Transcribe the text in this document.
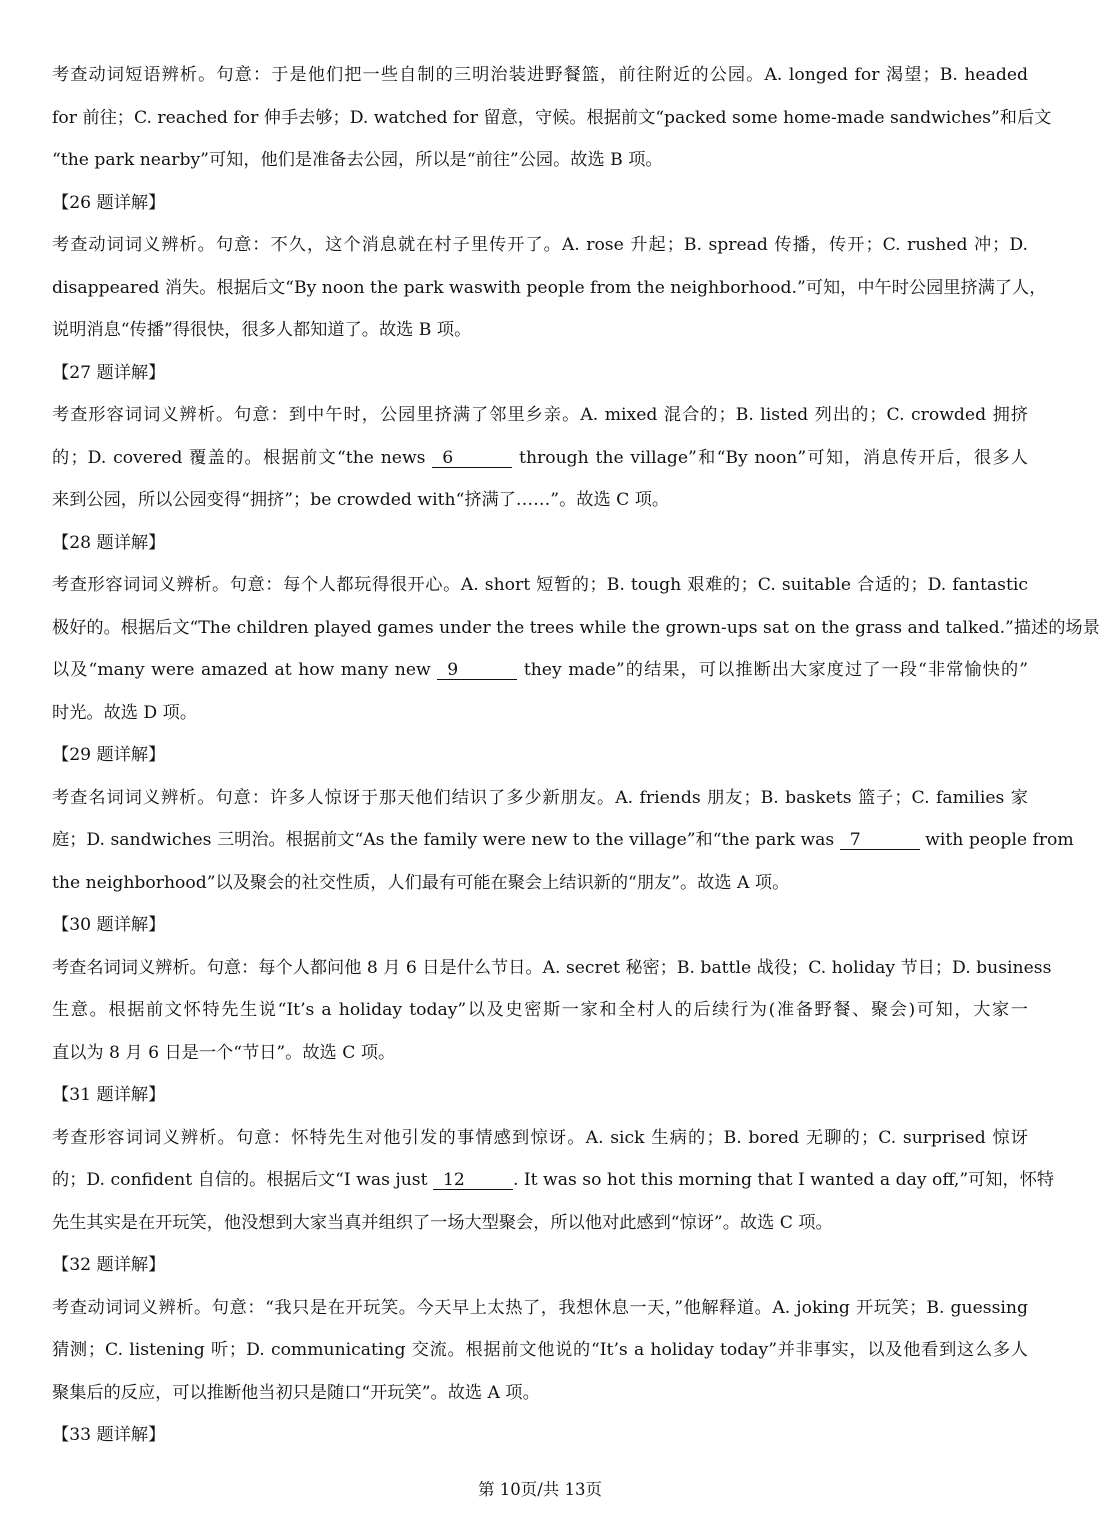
考查动词短语辨析。句意：于是他们把一些自制的三明治装进野餐篮，前往附近的公园。A. longed for 渴望；B. headed
for 前往；C. reached for 伸手去够；D. watched for 留意，守候。根据前文“packed some home-made sandwiches”和后文
“the park nearby”可知，他们是准备去公园，所以是“前往”公园。故选 B 项。
【26 题详解】
考查动词词义辨析。句意：不久，这个消息就在村子里传开了。A. rose 升起；B. spread 传播，传开；C. rushed 冲；D.
disappeared 消失。根据后文“By noon the park waswith people from the neighborhood.”可知，中午时公园里挤满了人，
说明消息“传播”得很快，很多人都知道了。故选 B 项。
【27 题详解】
考查形容词词义辨析。句意：到中午时，公园里挤满了邻里乡亲。A. mixed 混合的；B. listed 列出的；C. crowded 拥挤
的；D. covered 覆盖的。根据前文“the news 6	through the village”和“By noon”可知，消息传开后，很多人
来到公园，所以公园变得“拥挤”；be crowded with“挤满了……”。故选 C 项。
【28 题详解】
考查形容词词义辨析。句意：每个人都玩得很开心。A. short 短暂的；B. tough 艰难的；C. suitable 合适的；D. fantastic
极好的。根据后文“The children played games under the trees while the grown-ups sat on the grass and talked.”描述的场景
以及“many were amazed at how many new 9	they made”的结果，可以推断出大家度过了一段“非常愉快的”
时光。故选 D 项。
【29 题详解】
考查名词词义辨析。句意：许多人惊讶于那天他们结识了多少新朋友。A. friends 朋友；B. baskets 篮子；C. families 家
庭；D. sandwiches 三明治。根据前文“As the family were new to the village”和“the park was 7	with people from
the neighborhood”以及聚会的社交性质，人们最有可能在聚会上结识新的“朋友”。故选 A 项。
【30 题详解】
考查名词词义辨析。句意：每个人都问他 8 月 6 日是什么节日。A. secret 秘密；B. battle 战役；C. holiday 节日；D. business
生意。根据前文怀特先生说“It’s a holiday today”以及史密斯一家和全村人的后续行为(准备野餐、聚会)可知，大家一
直以为 8 月 6 日是一个“节日”。故选 C 项。
【31 题详解】
考查形容词词义辨析。句意：怀特先生对他引发的事情感到惊讶。A. sick 生病的；B. bored 无聊的；C. surprised 惊讶
的；D. confident 自信的。根据后文“I was just 12	. It was so hot this morning that I wanted a day off,”可知，怀特
先生其实是在开玩笑，他没想到大家当真并组织了一场大型聚会，所以他对此感到“惊讶”。故选 C 项。
【32 题详解】
考查动词词义辨析。句意：“我只是在开玩笑。今天早上太热了，我想休息一天，”他解释道。A. joking 开玩笑；B. guessing
猜测；C. listening 听；D. communicating 交流。根据前文他说的“It’s a holiday today”并非事实，以及他看到这么多人
聚集后的反应，可以推断他当初只是随口“开玩笑”。故选 A 项。
【33 题详解】
第 10页/共 13页
